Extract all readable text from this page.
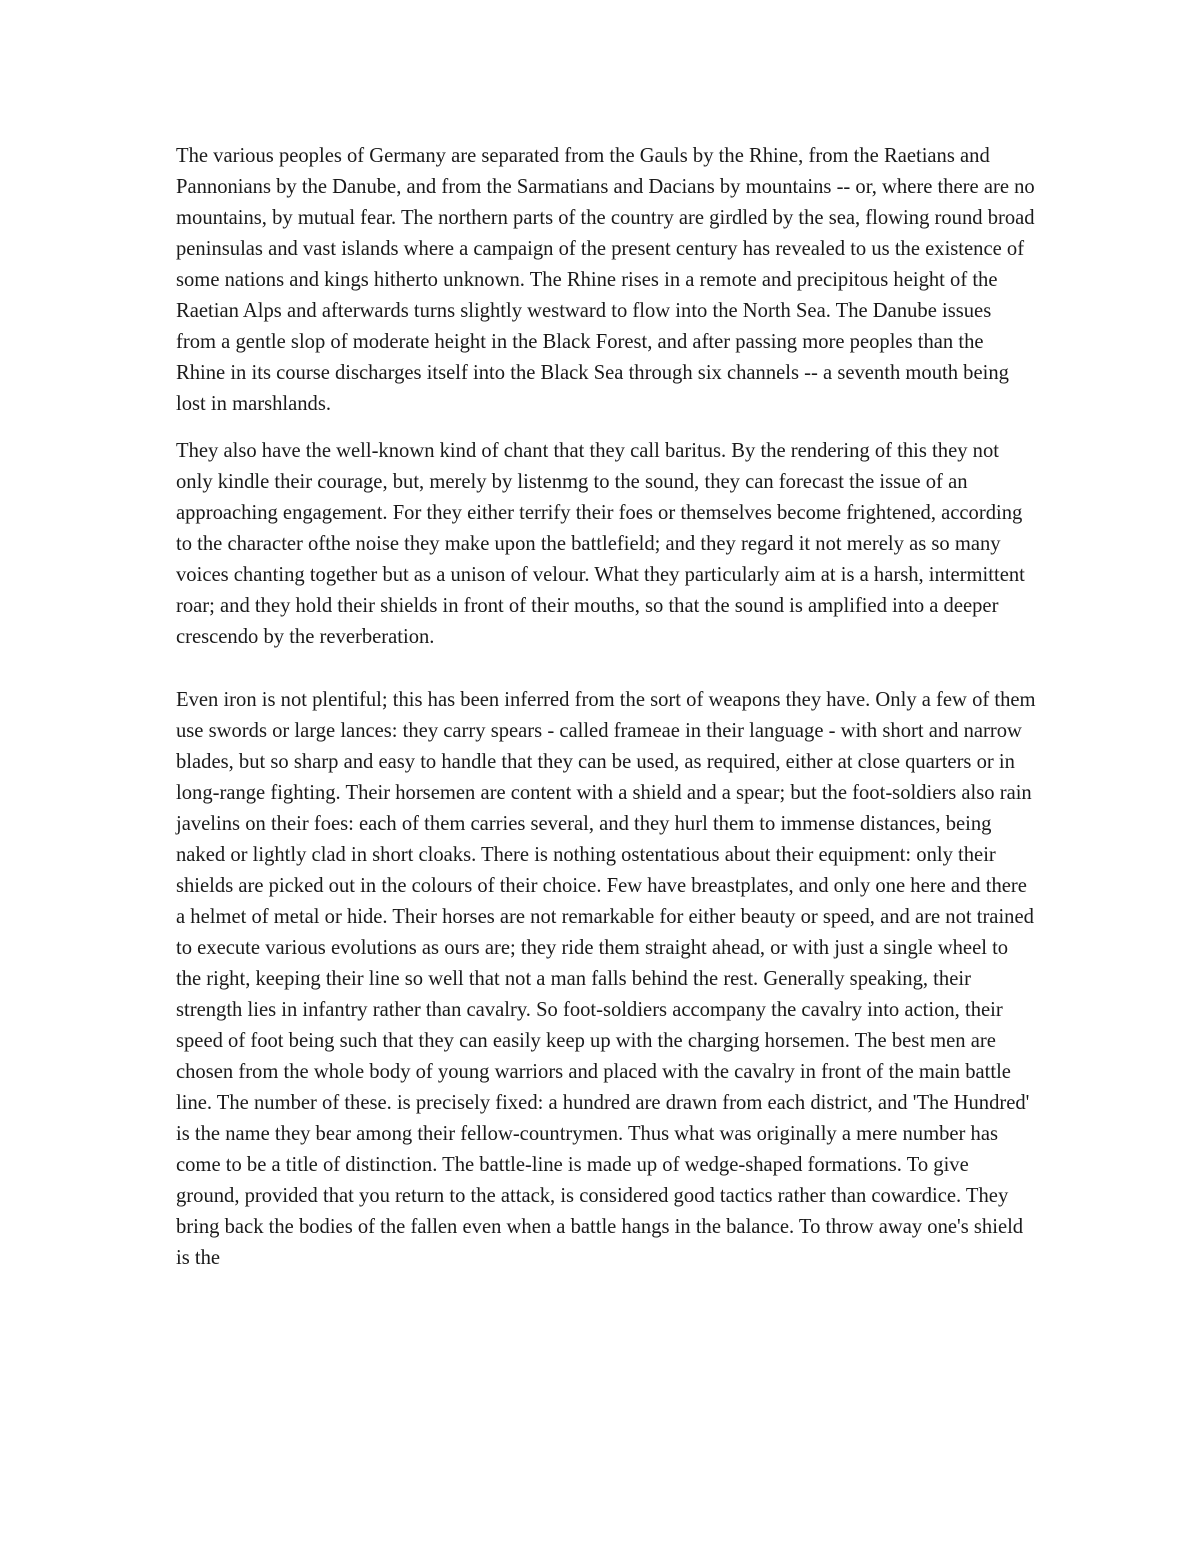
The various peoples of Germany are separated from the Gauls by the Rhine, from the Raetians and Pannonians by the Danube, and from the Sarmatians and Dacians by mountains -- or, where there are no mountains, by mutual fear. The northern parts of the country are girdled by the sea, flowing round broad peninsulas and vast islands where a campaign of the present century has revealed to us the existence of some nations and kings hitherto unknown. The Rhine rises in a remote and precipitous height of the Raetian Alps and afterwards turns slightly westward to flow into the North Sea. The Danube issues from a gentle slop of moderate height in the Black Forest, and after passing more peoples than the Rhine in its course discharges itself into the Black Sea through six channels -- a seventh mouth being lost in marshlands.

They also have the well-known kind of chant that they call baritus. By the rendering of this they not only kindle their courage, but, merely by listenmg to the sound, they can forecast the issue of an approaching engagement. For they either terrify their foes or themselves become frightened, according to the character ofthe noise they make upon the battlefield; and they regard it not merely as so many voices chanting together but as a unison of velour. What they particularly aim at is a harsh, intermittent roar; and they hold their shields in front of their mouths, so that the sound is amplified into a deeper crescendo by the reverberation.

Even iron is not plentiful; this has been inferred from the sort of weapons they have. Only a few of them use swords or large lances: they carry spears - called frameae in their language - with short and narrow blades, but so sharp and easy to handle that they can be used, as required, either at close quarters or in long-range fighting. Their horsemen are content with a shield and a spear; but the foot-soldiers also rain javelins on their foes: each of them carries several, and they hurl them to immense distances, being naked or lightly clad in short cloaks. There is nothing ostentatious about their equipment: only their shields are picked out in the colours of their choice. Few have breastplates, and only one here and there a helmet of metal or hide. Their horses are not remarkable for either beauty or speed, and are not trained to execute various evolutions as ours are; they ride them straight ahead, or with just a single wheel to the right, keeping their line so well that not a man falls behind the rest. Generally speaking, their strength lies in infantry rather than cavalry. So foot-soldiers accompany the cavalry into action, their speed of foot being such that they can easily keep up with the charging horsemen. The best men are chosen from the whole body of young warriors and placed with the cavalry in front of the main battle line. The number of these. is precisely fixed: a hundred are drawn from each district, and 'The Hundred' is the name they bear among their fellow-countrymen. Thus what was originally a mere number has come to be a title of distinction. The battle-line is made up of wedge-shaped formations. To give ground, provided that you return to the attack, is considered good tactics rather than cowardice. They bring back the bodies of the fallen even when a battle hangs in the balance. To throw away one's shield is the
